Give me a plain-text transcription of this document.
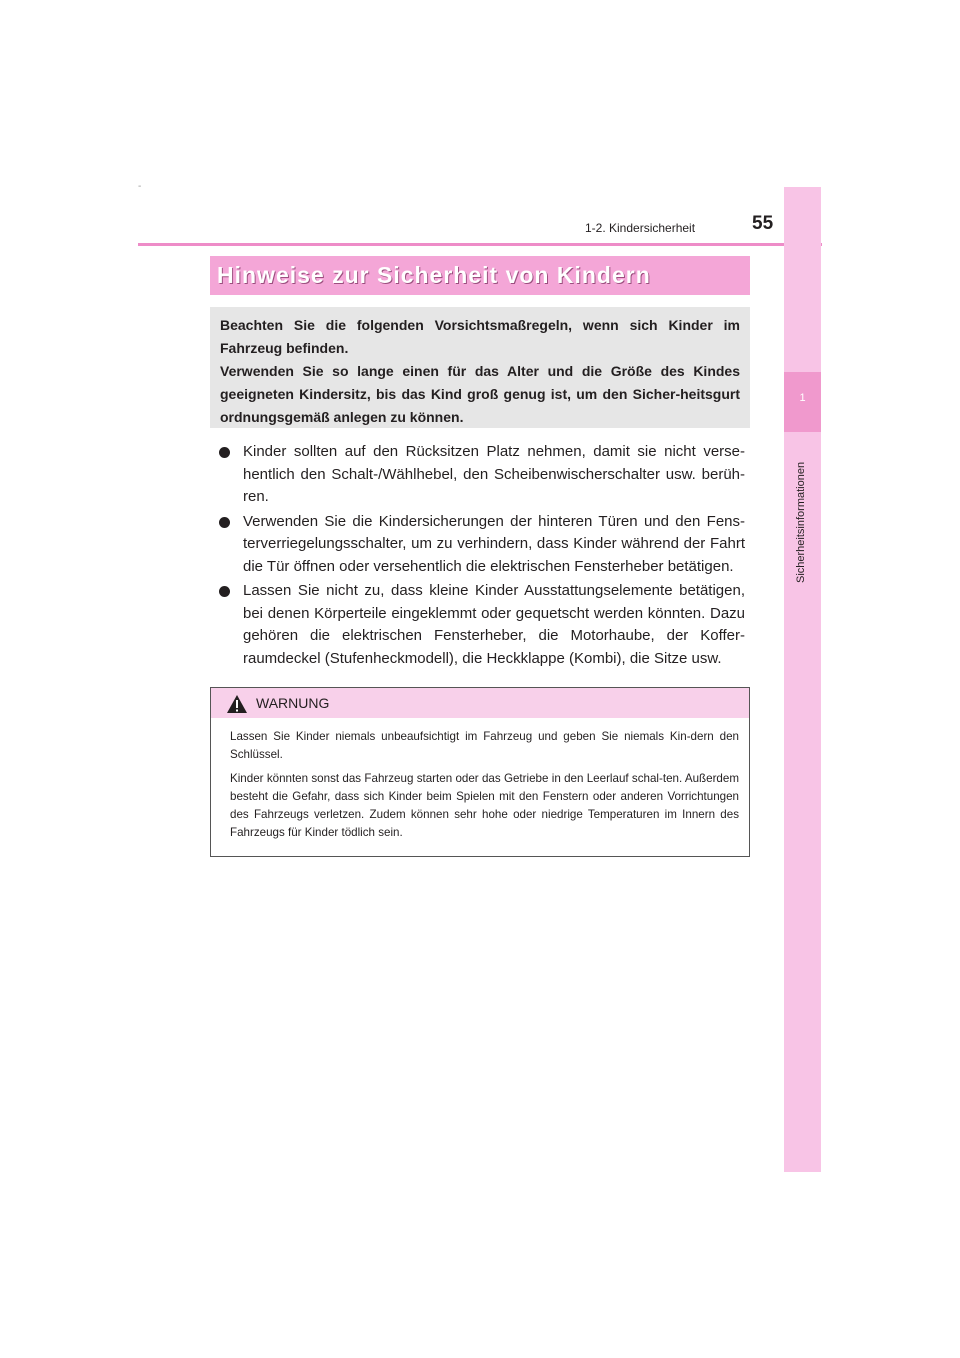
-
1-2. Kindersicherheit	55
1
Sicherheitsinformationen
Hinweise zur Sicherheit von Kindern

Beachten Sie die folgenden Vorsichtsmaßregeln, wenn sich Kinder im Fahrzeug befinden.

Verwenden Sie so lange einen für das Alter und die Größe des Kindes geeigneten Kindersitz, bis das Kind groß genug ist, um den Sicher-heitsgurt ordnungsgemäß anlegen zu können.

Kinder sollten auf den Rücksitzen Platz nehmen, damit sie nicht verse-hentlich den Schalt-/Wählhebel, den Scheibenwischerschalter usw. berüh-ren.
Verwenden Sie die Kindersicherungen der hinteren Türen und den Fens-terverriegelungsschalter, um zu verhindern, dass Kinder während der Fahrt die Tür öffnen oder versehentlich die elektrischen Fensterheber betätigen.
Lassen Sie nicht zu, dass kleine Kinder Ausstattungselemente betätigen, bei denen Körperteile eingeklemmt oder gequetscht werden könnten. Dazu gehören die elektrischen Fensterheber, die Motorhaube, der Koffer-raumdeckel (Stufenheckmodell), die Heckklappe (Kombi), die Sitze usw.
WARNUNG

Lassen Sie Kinder niemals unbeaufsichtigt im Fahrzeug und geben Sie niemals Kin-dern den Schlüssel.

Kinder könnten sonst das Fahrzeug starten oder das Getriebe in den Leerlauf schal-ten. Außerdem besteht die Gefahr, dass sich Kinder beim Spielen mit den Fenstern oder anderen Vorrichtungen des Fahrzeugs verletzen. Zudem können sehr hohe oder niedrige Temperaturen im Innern des Fahrzeugs für Kinder tödlich sein.
